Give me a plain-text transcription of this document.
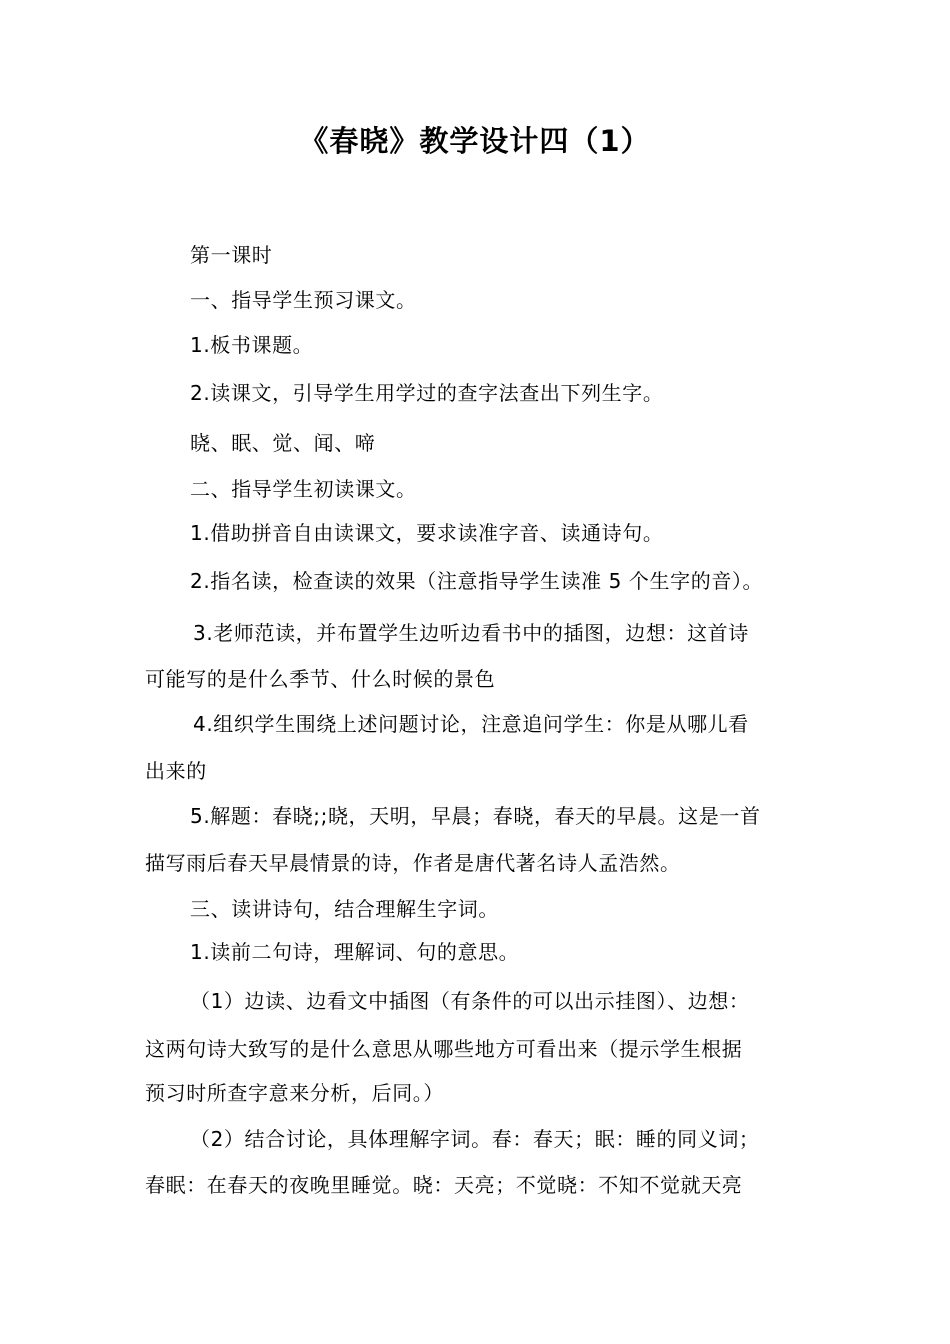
《春晓》教学设计四（1）
第一课时
一、指导学生预习课文。
1.板书课题。
2.读课文，引导学生用学过的查字法查出下列生字。
晓、眠、觉、闻、啼
二、指导学生初读课文。
1.借助拼音自由读课文，要求读准字音、读通诗句。
2.指名读，检查读的效果（注意指导学生读准 5 个生字的音）。
3.老师范读，并布置学生边听边看书中的插图，边想：这首诗
可能写的是什么季节、什么时候的景色
4.组织学生围绕上述问题讨论，注意追问学生：你是从哪儿看
出来的
5.解题：春晓;;晓，天明，早晨；春晓，春天的早晨。这是一首
描写雨后春天早晨情景的诗，作者是唐代著名诗人孟浩然。
三、读讲诗句，结合理解生字词。
1.读前二句诗，理解词、句的意思。
（1）边读、边看文中插图（有条件的可以出示挂图）、边想：
这两句诗大致写的是什么意思从哪些地方可看出来（提示学生根据
预习时所查字意来分析，后同。）
（2）结合讨论，具体理解字词。春：春天；眠：睡的同义词；
春眠：在春天的夜晚里睡觉。晓：天亮；不觉晓：不知不觉就天亮
